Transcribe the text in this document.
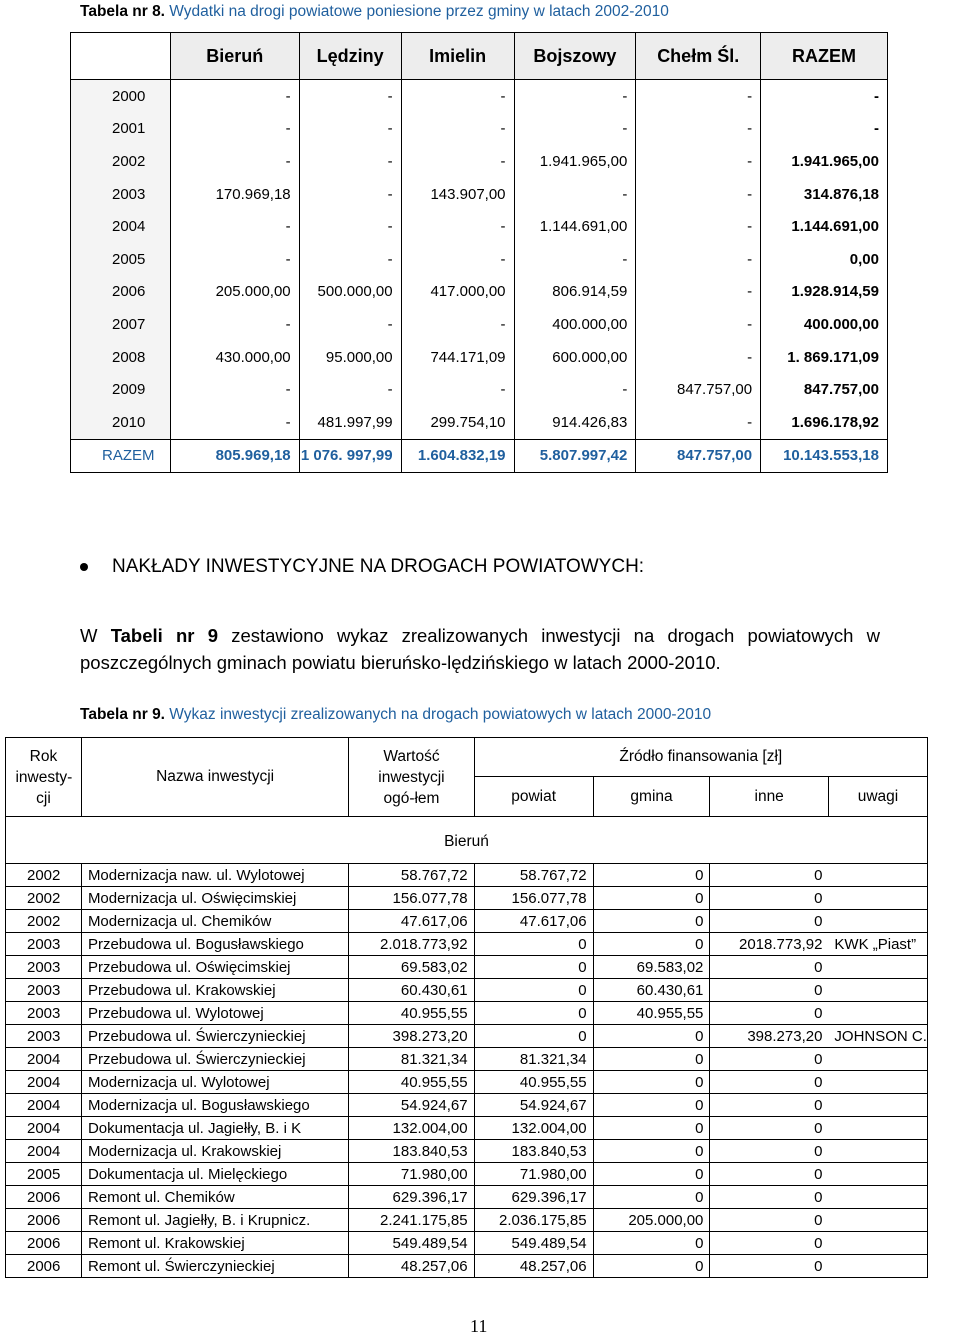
Tabela nr 8. Wydatki na drogi powiatowe poniesione przez gminy w latach 2002-2010
	Bieruń	Lędziny	Imielin	Bojszowy	Chełm Śl.	RAZEM
2000	-	-	-	-	-	-
2001	-	-	-	-	-	-
2002	-	-	-	1.941.965,00	-	1.941.965,00
2003	170.969,18	-	143.907,00	-	-	314.876,18
2004	-	-	-	1.144.691,00	-	1.144.691,00
2005	-	-	-	-	-	0,00
2006	205.000,00	500.000,00	417.000,00	806.914,59	-	1.928.914,59
2007	-	-	-	400.000,00	-	400.000,00
2008	430.000,00	95.000,00	744.171,09	600.000,00	-	1. 869.171,09
2009	-	-	-	-	847.757,00	847.757,00
2010	-	481.997,99	299.754,10	914.426,83	-	1.696.178,92
RAZEM	805.969,18	1 076. 997,99	1.604.832,19	5.807.997,42	847.757,00	10.143.553,18
NAKŁADY INWESTYCYJNE NA DROGACH POWIATOWYCH:
W Tabeli nr 9 zestawiono wykaz zrealizowanych inwestycji na drogach powiatowych w poszczególnych gminach powiatu bieruńsko-lędzińskiego w latach 2000-2010.
Tabela nr 9. Wykaz inwestycji zrealizowanych na drogach powiatowych w latach 2000-2010
Rok inwesty-cji	Nazwa inwestycji	Wartość inwestycji ogó-łem	Źródło finansowania [zł]			
			powiat	gmina	inne	uwagi
Bieruń						
2002	Modernizacja naw. ul. Wylotowej	58.767,72	58.767,72	0	0	
2002	Modernizacja ul. Oświęcimskiej	156.077,78	156.077,78	0	0	
2002	Modernizacja ul. Chemików	47.617,06	47.617,06	0	0	
2003	Przebudowa ul. Bogusławskiego	2.018.773,92	0	0	2018.773,92	KWK „Piast”
2003	Przebudowa ul. Oświęcimskiej	69.583,02	0	69.583,02	0	
2003	Przebudowa ul. Krakowskiej	60.430,61	0	60.430,61	0	
2003	Przebudowa ul. Wylotowej	40.955,55	0	40.955,55	0	
2003	Przebudowa ul. Świerczynieckiej	398.273,20	0	0	398.273,20	JOHNSON C.
2004	Przebudowa ul. Świerczynieckiej	81.321,34	81.321,34	0	0	
2004	Modernizacja ul. Wylotowej	40.955,55	40.955,55	0	0	
2004	Modernizacja ul. Bogusławskiego	54.924,67	54.924,67	0	0	
2004	Dokumentacja ul. Jagiełły, B. i K	132.004,00	132.004,00	0	0	
2004	Modernizacja ul. Krakowskiej	183.840,53	183.840,53	0	0	
2005	Dokumentacja ul. Mielęckiego	71.980,00	71.980,00	0	0	
2006	Remont ul. Chemików	629.396,17	629.396,17	0	0	
2006	Remont ul. Jagiełły, B. i Krupnicz.	2.241.175,85	2.036.175,85	205.000,00	0	
2006	Remont ul. Krakowskiej	549.489,54	549.489,54	0	0	
2006	Remont ul. Świerczynieckiej	48.257,06	48.257,06	0	0	
11
